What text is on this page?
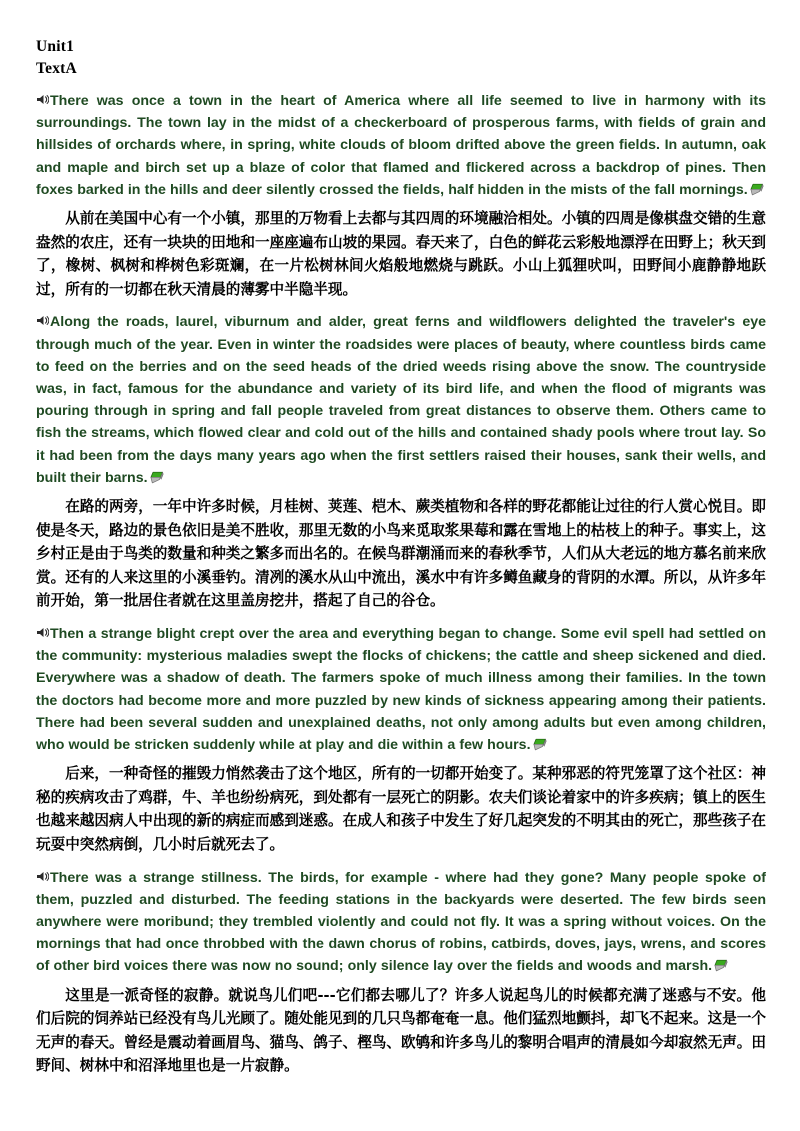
Unit1
TextA

There was once a town in the heart of America where all life seemed to live in harmony with its surroundings. The town lay in the midst of a checkerboard of prosperous farms, with fields of grain and hillsides of orchards where, in spring, white clouds of bloom drifted above the green fields. In autumn, oak and maple and birch set up a blaze of color that flamed and flickered across a backdrop of pines. Then foxes barked in the hills and deer silently crossed the fields, half hidden in the mists of the fall mornings.

从前在美国中心有一个小镇，那里的万物看上去都与其四周的环境融洽相处。小镇的四周是像棋盘交错的生意盎然的农庄，还有一块块的田地和一座座遍布山坡的果园。春天来了，白色的鲜花云彩般地漂浮在田野上；秋天到了，橡树、枫树和桦树色彩斑斓，在一片松树林间火焰般地燃烧与跳跃。小山上狐狸吠叫，田野间小鹿静静地跃过，所有的一切都在秋天清晨的薄雾中半隐半现。

Along the roads, laurel, viburnum and alder, great ferns and wildflowers delighted the traveler's eye through much of the year. Even in winter the roadsides were places of beauty, where countless birds came to feed on the berries and on the seed heads of the dried weeds rising above the snow. The countryside was, in fact, famous for the abundance and variety of its bird life, and when the flood of migrants was pouring through in spring and fall people traveled from great distances to observe them. Others came to fish the streams, which flowed clear and cold out of the hills and contained shady pools where trout lay. So it had been from the days many years ago when the first settlers raised their houses, sank their wells, and built their barns.

在路的两旁，一年中许多时候，月桂树、荚莲、桤木、蕨类植物和各样的野花都能让过往的行人赏心悦目。即使是冬天，路边的景色依旧是美不胜收，那里无数的小鸟来觅取浆果莓和露在雪地上的枯枝上的种子。事实上，这乡村正是由于鸟类的数量和种类之繁多而出名的。在候鸟群潮涌而来的春秋季节，人们从大老远的地方慕名前来欣赏。还有的人来这里的小溪垂钓。清冽的溪水从山中流出，溪水中有许多鳟鱼藏身的背阴的水潭。所以，从许多年前开始，第一批居住者就在这里盖房挖井，搭起了自己的谷仓。

Then a strange blight crept over the area and everything began to change. Some evil spell had settled on the community: mysterious maladies swept the flocks of chickens; the cattle and sheep sickened and died. Everywhere was a shadow of death. The farmers spoke of much illness among their families. In the town the doctors had become more and more puzzled by new kinds of sickness appearing among their patients. There had been several sudden and unexplained deaths, not only among adults but even among children, who would be stricken suddenly while at play and die within a few hours.

后来，一种奇怪的摧毁力悄然袭击了这个地区，所有的一切都开始变了。某种邪恶的符咒笼罩了这个社区：神秘的疾病攻击了鸡群，牛、羊也纷纷病死，到处都有一层死亡的阴影。农夫们谈论着家中的许多疾病；镇上的医生也越来越因病人中出现的新的病症而感到迷惑。在成人和孩子中发生了好几起突发的不明其由的死亡，那些孩子在玩耍中突然病倒，几小时后就死去了。

There was a strange stillness. The birds, for example - where had they gone? Many people spoke of them, puzzled and disturbed. The feeding stations in the backyards were deserted. The few birds seen anywhere were moribund; they trembled violently and could not fly. It was a spring without voices. On the mornings that had once throbbed with the dawn chorus of robins, catbirds, doves, jays, wrens, and scores of other bird voices there was now no sound; only silence lay over the fields and woods and marsh.

这里是一派奇怪的寂静。就说鸟儿们吧---它们都去哪儿了？许多人说起鸟儿的时候都充满了迷惑与不安。他们后院的饲养站已经没有鸟儿光顾了。随处能见到的几只鸟都奄奄一息。他们猛烈地颤抖，却飞不起来。这是一个无声的春天。曾经是震动着画眉鸟、猫鸟、鸽子、樫鸟、欧鸲和许多鸟儿的黎明合唱声的清晨如今却寂然无声。田野间、树林中和沼泽地里也是一片寂静。
